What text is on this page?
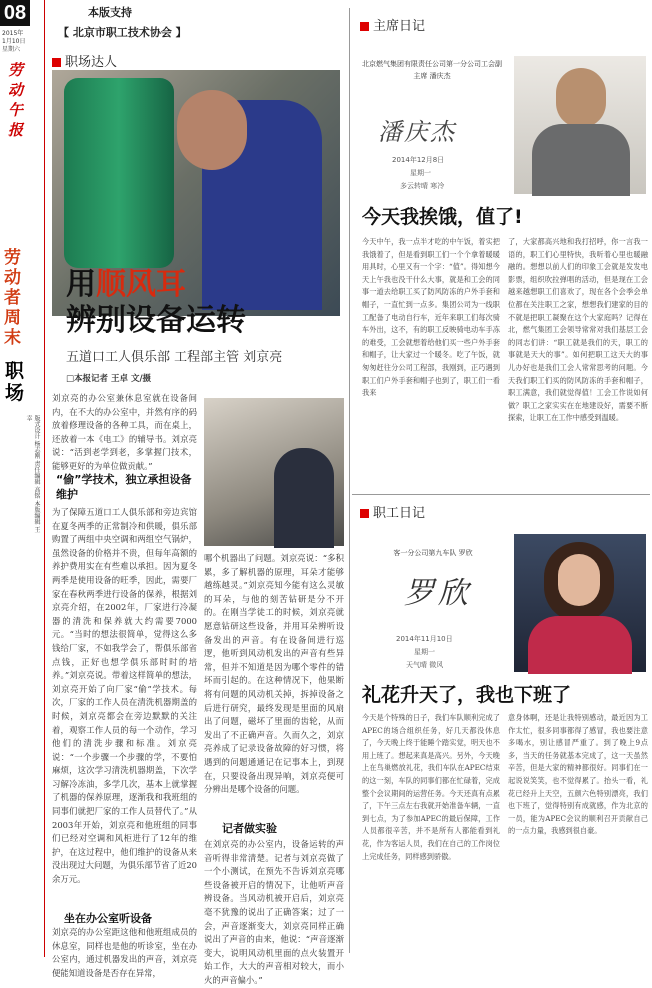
08
2015年
1月10日
星期六
劳动午报
劳动者周末
职场
版式设计 杨志刚 责任编辑 高铭 本版编辑 王幸
本版支持
【 北京市职工技术协会 】
职场达人
用顺风耳
辨别设备运转
五道口工人俱乐部 工程部主管 刘京亮
□本报记者 王卓 文/摄
刘京亮的办公室兼休息室就在设备间内，在不大的办公室中，并然有序的码放着修理设备的各种工具，而在桌上，还放着一本《电工》的辅导书。刘京亮说：“活到老学到老，多掌握门技术，能够更好的为单位做贡献。”
“偷”学技术，独立承担设备维护
为了保障五道口工人俱乐部和旁边宾馆在夏冬两季的正常制冷和供暖，俱乐部购置了两组中央空调和两组空气锅炉，虽然设备的价格并不贵，但每年高额的养护费用实在有些难以承担。因为夏冬两季是使用设备的旺季，因此，需要厂家在春秋两季进行设备的保养，根据刘京亮介绍，在2002年，厂家进行冷凝器的清洗和保养就大约需要7000元。“当时的想法很简单，觉得这么多钱给厂家，不如我学会了，帮俱乐部省点钱，正好也想学俱乐部时时的培养。”刘京亮说。带着这样简单的想法，刘京亮开始了向厂家“偷”学技术。每次，厂家的工作人员在清洗机器期盖的时候，刘京亮都会在旁边默默的关注着，观察工作人员的每一个动作，学习他们的清洗步骤和标准。刘京亮说：“一个步骤一个步骤的学，不要怕麻烦，这次学习清洗机器期盖，下次学习解冷冻油，多学几次，基本上就掌握了机器的保养原理，逐渐我和我班组的同事们就把厂家的工作人员替代了。”从2003年开始，刘京亮和他班组的同事们已经对空调和风柜进行了12年的维护，在这过程中，他们维护的设备从来没出现过大问题，为俱乐部节省了近20余万元。
坐在办公室听设备
刘京亮的办公室距这他和他班组成员的休息室，同样也是他的听诊室，坐在办公室内，通过机器发出的声音，刘京亮便能知道设备是否存在异常，
哪个机器出了问题。刘京亮说：“多积累，多了解机器的原理，耳朵才能够越练越灵。”刘京亮知今能有这么灵敏的耳朵，与他的刻苦钻研是分不开的。在刚当学徒工的时候，刘京亮就愿意钻研这些设备，并用耳朵辨听设备发出的声音。有在设备间进行巡逻，他听到风动机发出的声音有些异常，但并不知道是因为哪个零件的错坏而引起的。在这种情况下，他果断将有问题的风动机关掉，拆掉设备之后进行研究，最终发现是里面的风扇出了问题，磁坏了里面的齿轮，从而发出了不正确声音。久而久之，刘京亮养成了记录设备故障的好习惯，将遇到的问题通通记在记事本上，到现在，只要设备出现异响，刘京亮便可分辨出是哪个设备的问题。
记者做实验
在刘京亮的办公室内，设备运转的声音听得非常清楚。记者与刘京亮做了一个小测试，在预先不告诉刘京亮哪些设备被开启的情况下，让他听声音辨设备。当风动机被开启后，刘京亮毫不犹豫的说出了正确答案；过了一会，声音逐渐变大，刘京亮同样正确说出了声音的由来，他说：“声音逐渐变大，说明风动机里面的点火装置开始工作，大大的声音相对较大，而小火的声音偏小。”
主席日记
北京燃气集团有限责任公司第一分公司工会副主席 潘庆杰
潘庆杰
2014年12月8日
星期一
多云转晴 寒冷
今天我挨饿，值了!
今天中午，我一点半才吃的中午饭，着实把我饿着了，但是看到职工们一个个拿着暖暖用具时，心里又有一个字：“值”。得知想今天上午我也没干什么大事，就是和工会的同事一道去给职工买了防风防冻的户外手套和帽子，一直忙到一点多。集团公司为一线职工配备了电动自行车，近年来职工们每次骑车外出，这不，有的职工反映骑电动车手冻的难受，工会就想着给他们买一些户外手套和帽子，让大家过一个暖冬。吃了午饭，就匆匆赶往分公司工程部，我刚到，正巧遇到职工们户外手套和帽子也到了，职工们一看我来
了，大家都高兴地和我打招呼，你一言我一语的，职工们心里特快，我听着心里也暖融融的。想想以前人们的印象工会就是发发电影票，组织吹拉弹唱的活动，但是现在工会越来越想职工们喜欢了，现在各个会季会单位都在关注职工之家，想想我们建家的目的不就是把职工凝聚在这个大家庭吗？记得在北，燃气集团工会领导常常对我们基层工会的同志们讲：“职工就是我们的天，职工的事就是天大的事”。如何把职工这天大的事儿办好也是我们工会人常常思考的问题。今天我们职工们买的防风防冻的手套和帽子，职工满意，我们就觉得值！工会工作说如何做？职工之家实实在在地建设好，需要不断探索，让职工在工作中感受到温暖。
职工日记
客一分公司第九车队 罗欣
罗欣
2014年11月10日
星期一
天气晴 微风
礼花升天了，我也下班了
今天是个特殊的日子，我们车队顺利完成了APEC的场合组织任务，好几天都没休息了，今天晚上终于能睡个踏实觉，明天也不用上班了。想起来真是高兴。另外，今天晚上在鸟巢燃放礼花，我们车队在APEC结束的这一刻，车队的同事们都在忙碌着，完成整个会议期间的运营任务。今天还真有点累了，下午三点左右我就开始准备车辆，一直到七点，为了参加APEC的最后保障，工作人员都很辛苦，并不是所有人都能看到礼花，作为客运人员，我们在自己的工作岗位上完成任务，同样感到骄傲。
意身体啊，还是让我特别感动，最近因为工作太忙，很多同事都得了感冒，我也要注意多喝水，别让感冒严重了。到了晚上9点多，当天的任务就基本完成了，这一天虽然辛苦，但是大家的精神都很好。同事们在一起说说笑笑，也不觉得累了。抬头一看，礼花已经升上天空，五颜六色特别漂亮，我们也下班了，觉得特别有成就感，作为北京的一员，能为APEC会议的顺利召开贡献自己的一点力量，我感到很自豪。
